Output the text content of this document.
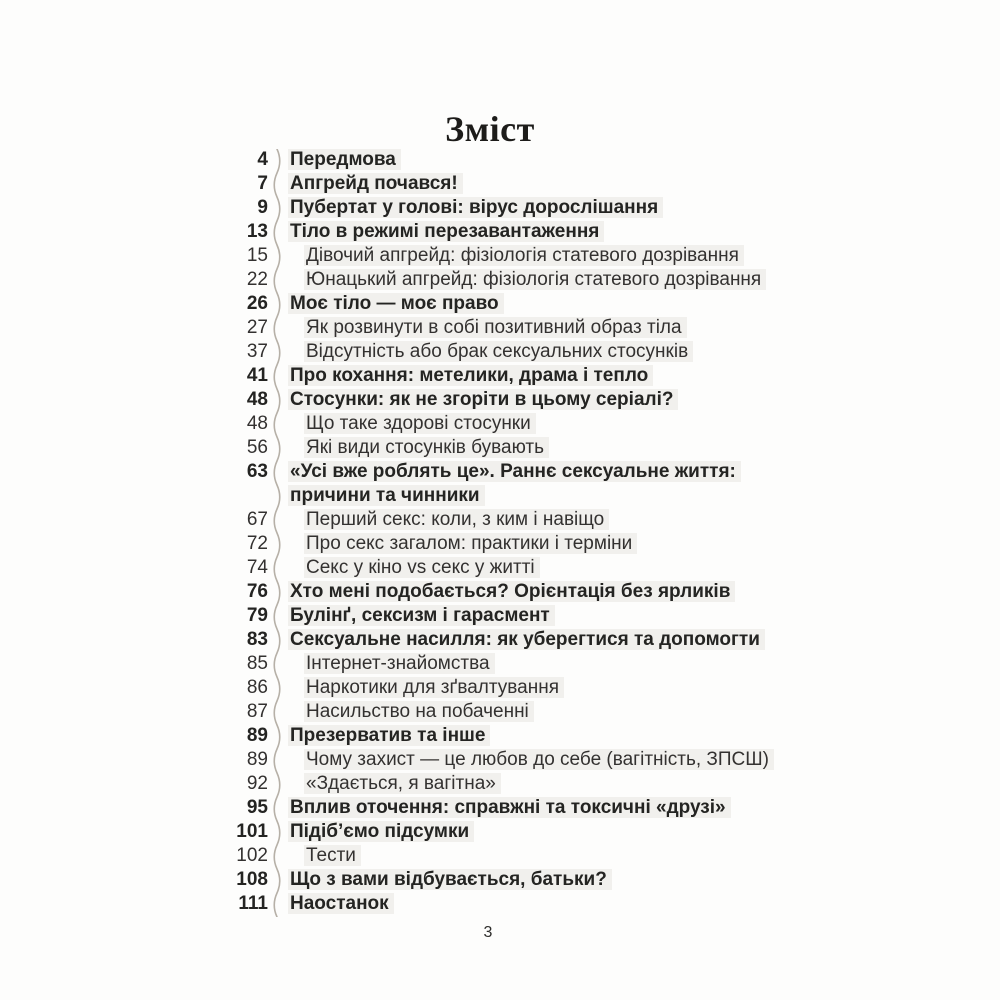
Зміст
4 Передмова
7 Апгрейд почався!
9 Пубертат у голові: вірус дорослішання
13 Тіло в режимі перезавантаження
15	Дівочий апгрейд: фізіологія статевого дозрівання
22	Юнацький апгрейд: фізіологія статевого дозрівання
26 Моє тіло — моє право
27	Як розвинути в собі позитивний образ тіла
37	Відсутність або брак сексуальних стосунків
41 Про кохання: метелики, драма і тепло
48 Стосунки: як не згоріти в цьому серіалі?
48	Що таке здорові стосунки
56	Які види стосунків бувають
63 «Усі вже роблять це». Раннє сексуальне життя: причини та чинники
67	Перший секс: коли, з ким і навіщо
72	Про секс загалом: практики і терміни
74	Секс у кіно vs секс у житті
76 Хто мені подобається? Орієнтація без ярликів
79 Булінґ, сексизм і гарасмент
83 Сексуальне насилля: як уберегтися та допомогти
85	Інтернет-знайомства
86	Наркотики для зґвалтування
87	Насильство на побаченні
89 Презерватив та інше
89	Чому захист — це любов до себе (вагітність, ЗПСШ)
92	«Здається, я вагітна»
95 Вплив оточення: справжні та токсичні «друзі»
101 Підіб’ємо підсумки
102	Тести
108 Що з вами відбувається, батьки?
111 Наостанок
3
